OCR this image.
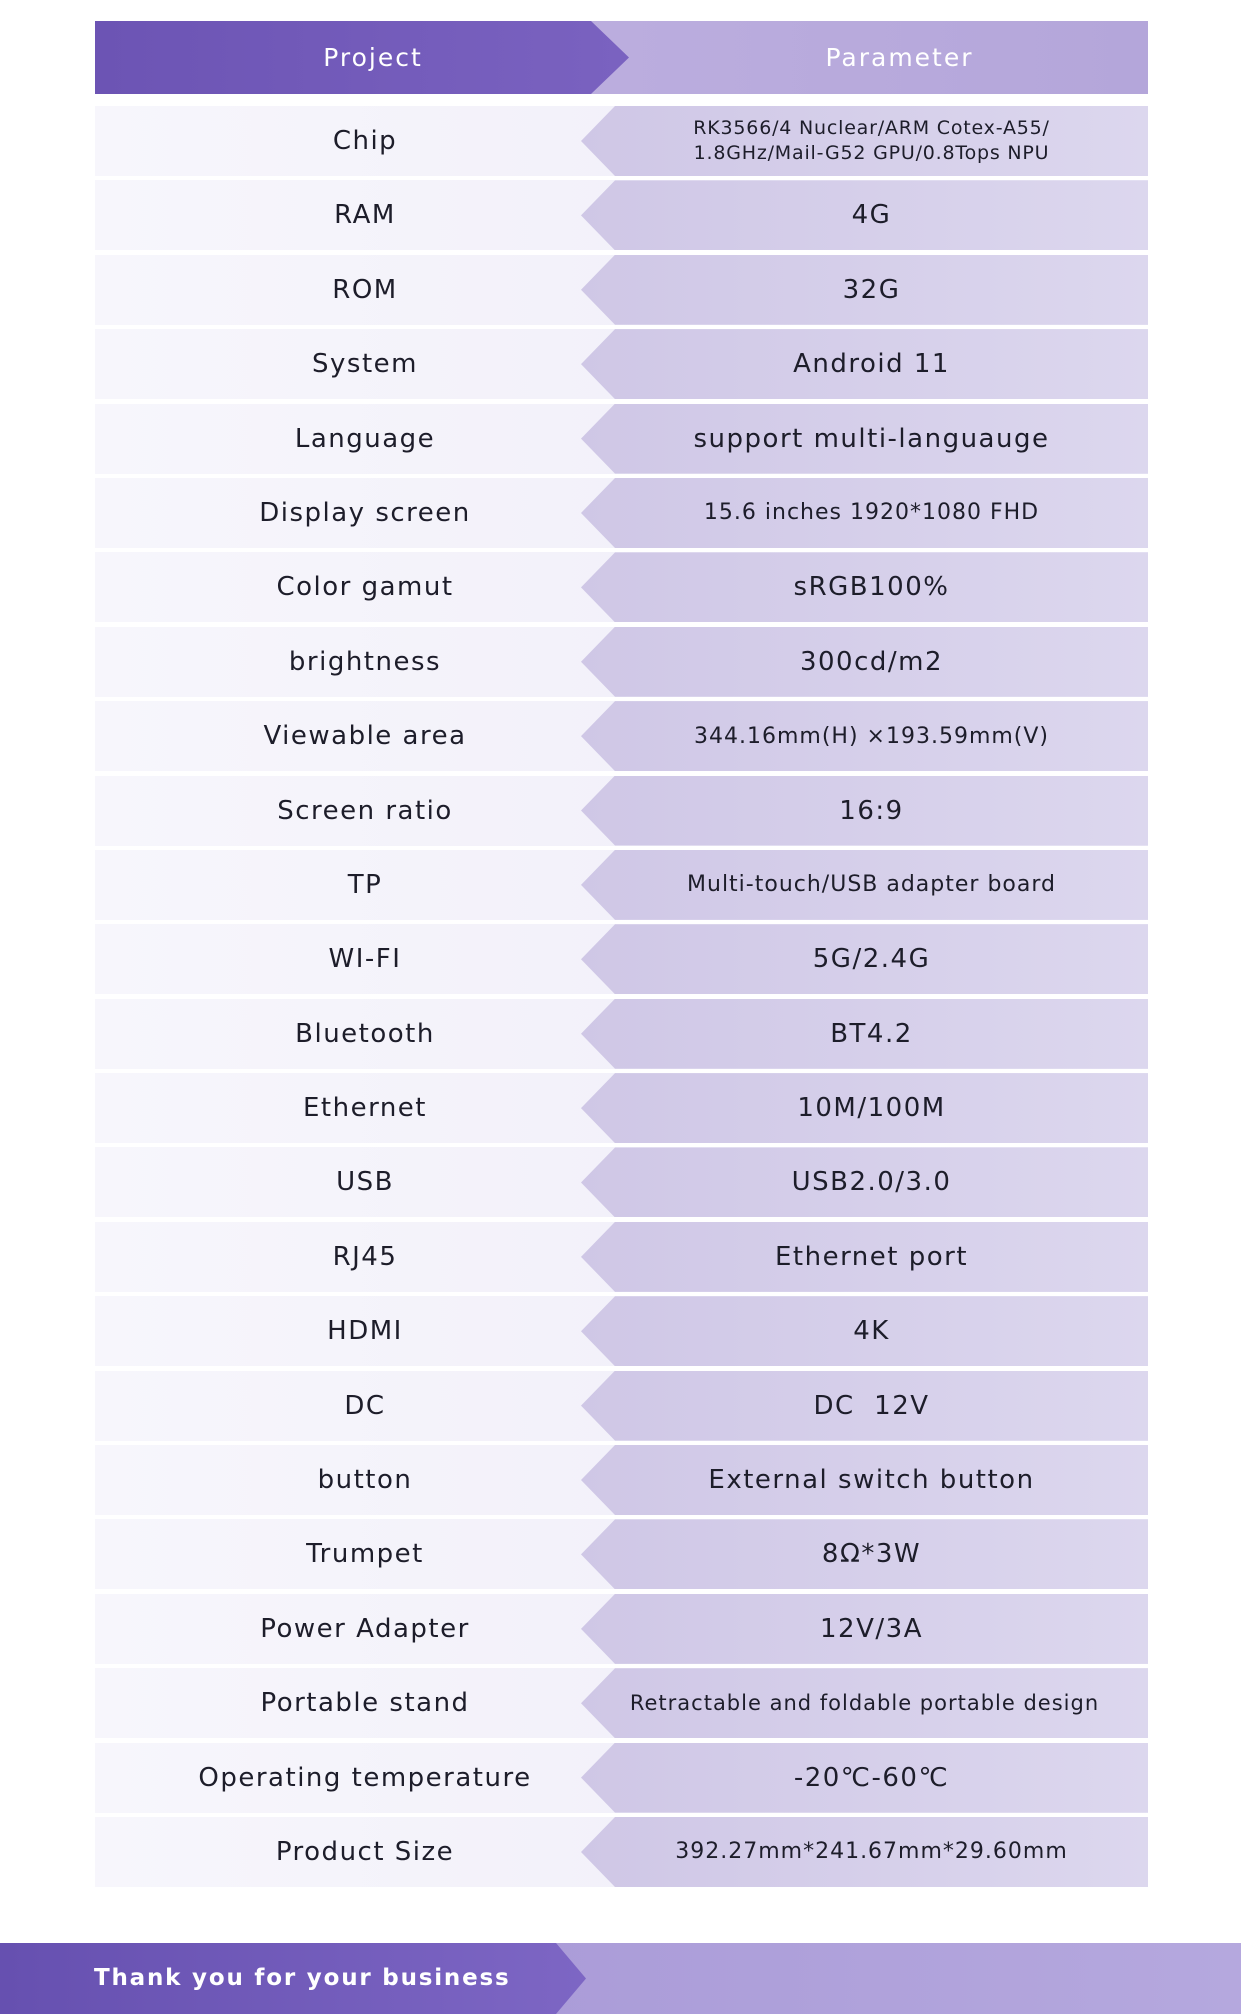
Project	Parameter
Chip	RK3566/4 Nuclear/ARM Cotex-A55/
1.8GHz/Mail-G52 GPU/0.8Tops NPU
RAM	4G
ROM	32G
System	Android 11
Language	support multi-languauge
Display screen	15.6 inches 1920*1080 FHD
Color gamut	sRGB100%
brightness	300cd/m2
Viewable area	344.16mm(H) ×193.59mm(V)
Screen ratio	16:9
TP	Multi-touch/USB adapter board
WI-FI	5G/2.4G
Bluetooth	BT4.2
Ethernet	10M/100M
USB	USB2.0/3.0
RJ45	Ethernet port
HDMI	4K
DC	DC  12V
button	External switch button
Trumpet	8Ω*3W
Power Adapter	12V/3A
Portable stand	Retractable and foldable portable design
Operating temperature	-20℃-60℃
Product Size	392.27mm*241.67mm*29.60mm
Thank you for your business
